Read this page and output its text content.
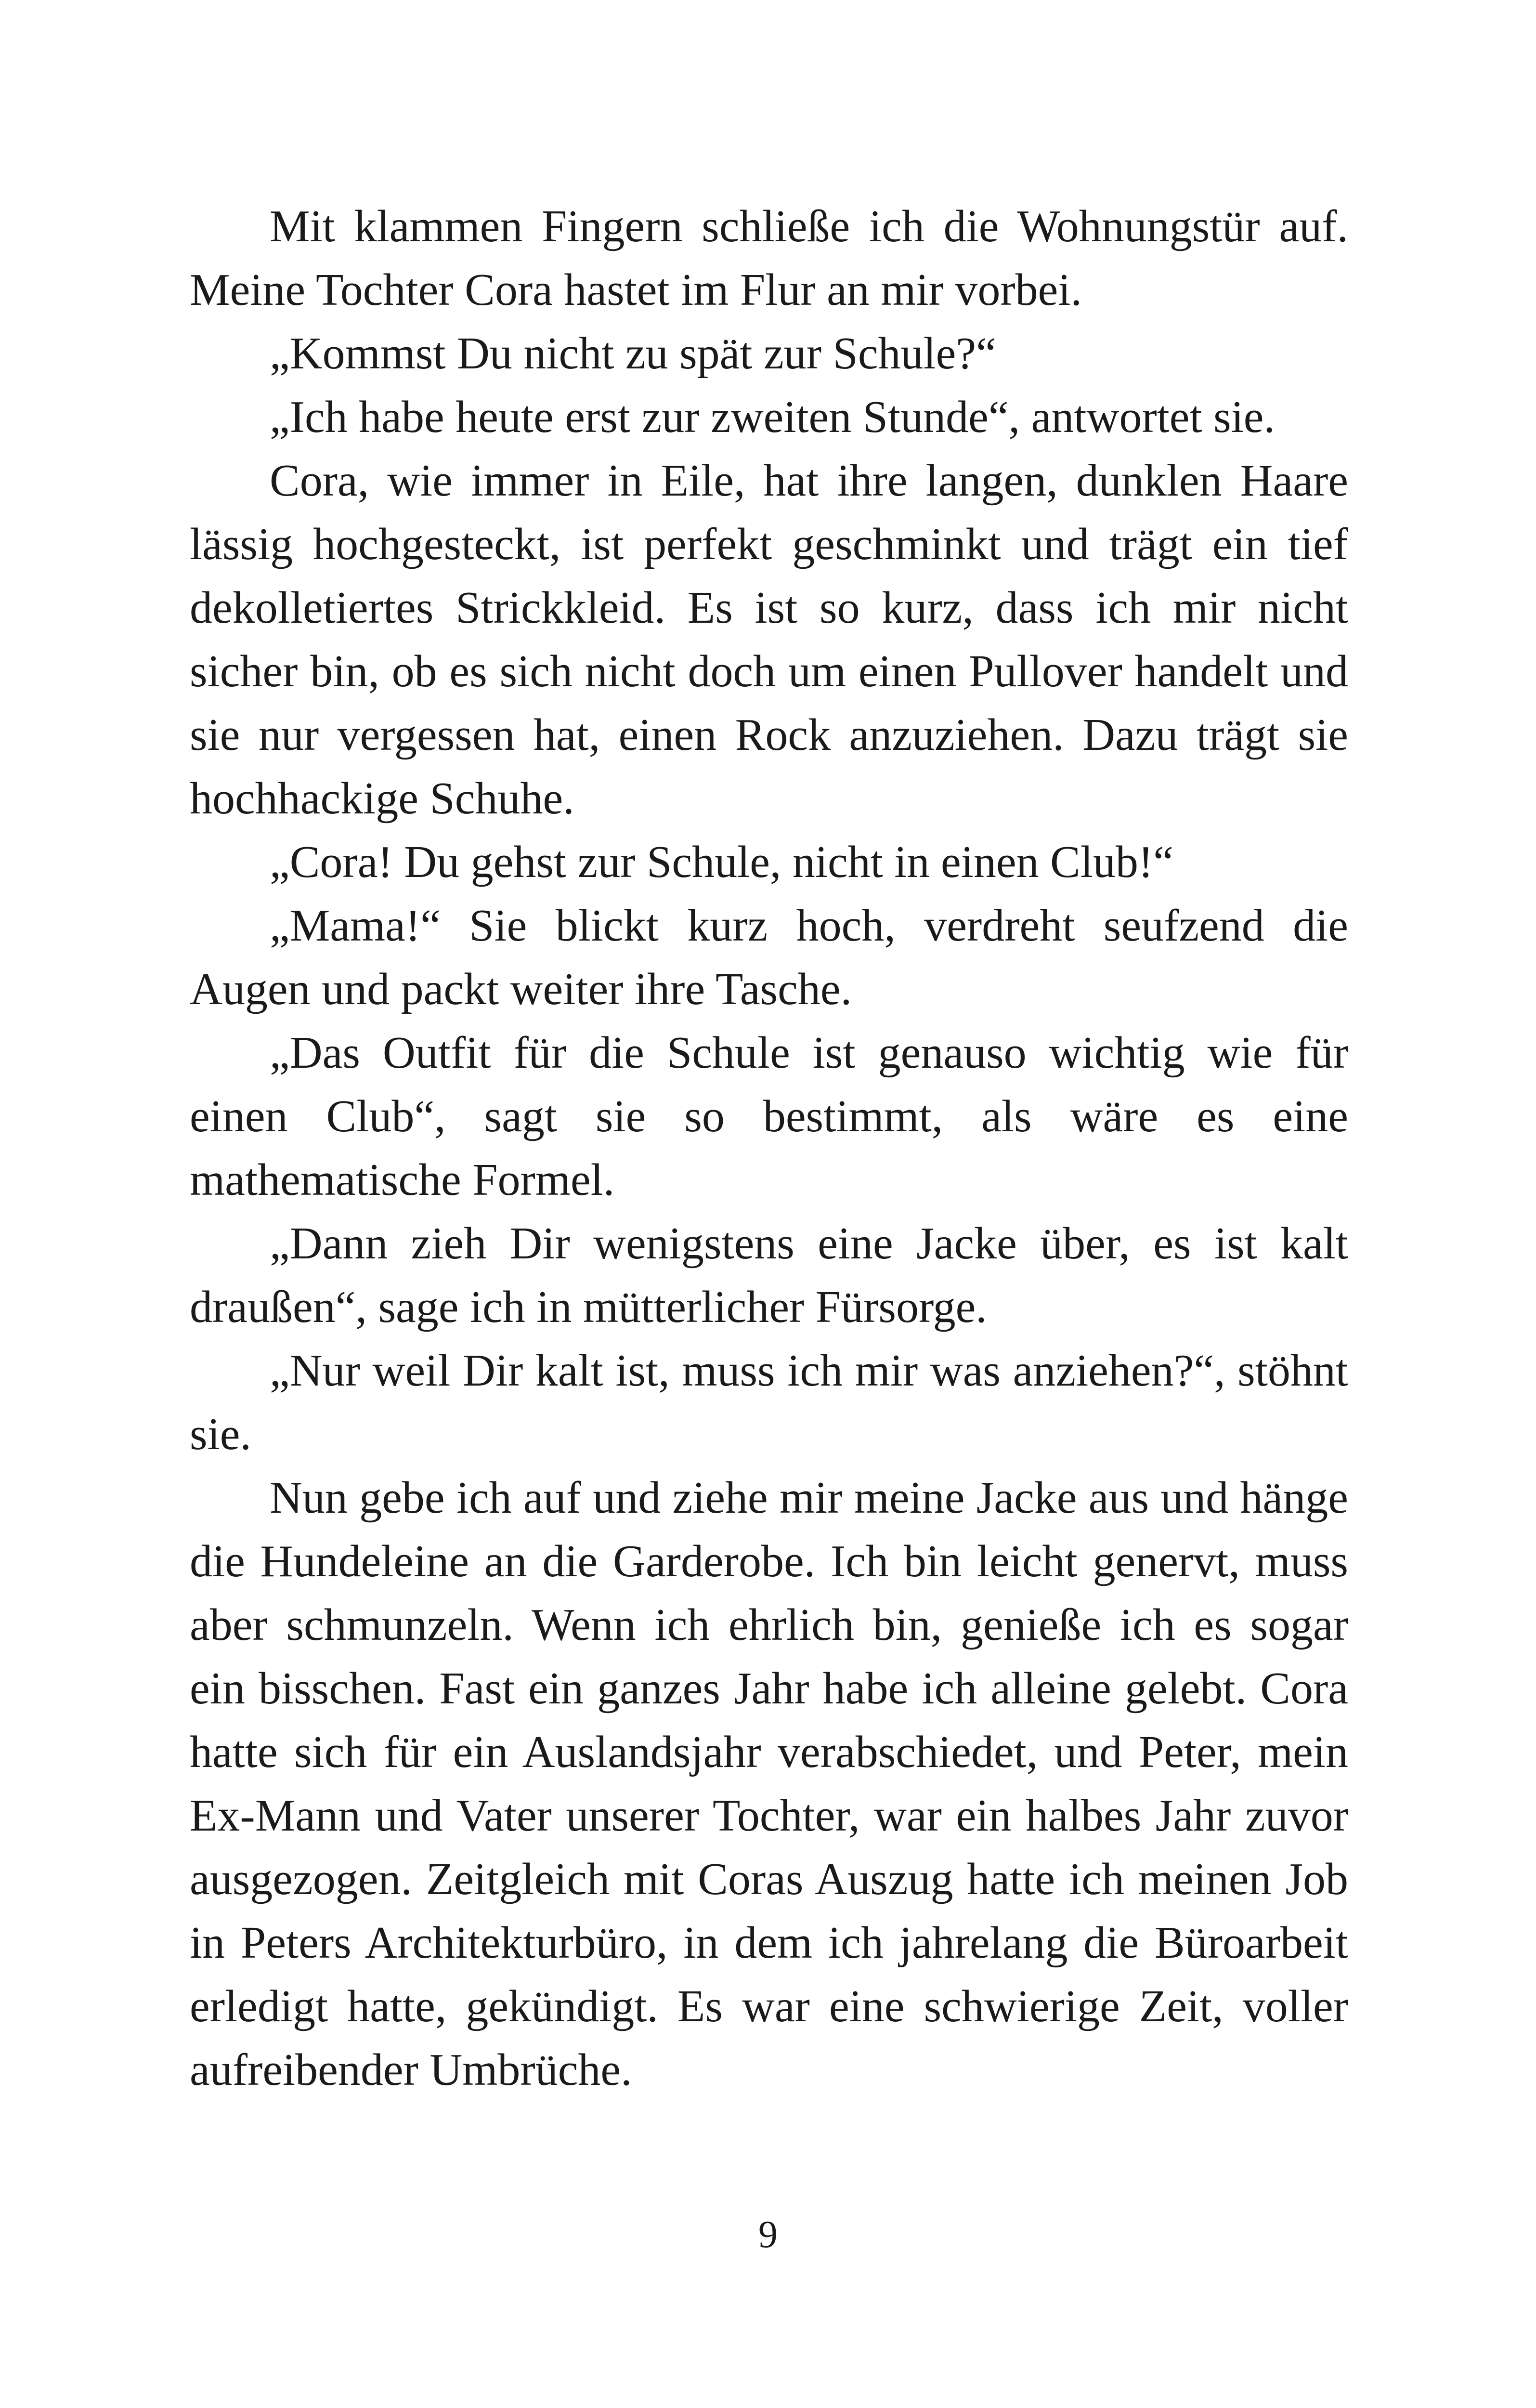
Mit klammen Fingern schließe ich die Wohnungstür auf. Meine Tochter Cora hastet im Flur an mir vorbei.

„Kommst Du nicht zu spät zur Schule?“

„Ich habe heute erst zur zweiten Stunde“, antwortet sie.

Cora, wie immer in Eile, hat ihre langen, dunklen Haare lässig hochgesteckt, ist perfekt geschminkt und trägt ein tief dekolletiertes Strickkleid. Es ist so kurz, dass ich mir nicht sicher bin, ob es sich nicht doch um einen Pullover handelt und sie nur vergessen hat, einen Rock anzuziehen. Dazu trägt sie hochhackige Schuhe.

„Cora! Du gehst zur Schule, nicht in einen Club!“

„Mama!“ Sie blickt kurz hoch, verdreht seufzend die Augen und packt weiter ihre Tasche.

„Das Outfit für die Schule ist genauso wichtig wie für einen Club“, sagt sie so bestimmt, als wäre es eine mathematische Formel.

„Dann zieh Dir wenigstens eine Jacke über, es ist kalt draußen“, sage ich in mütterlicher Fürsorge.

„Nur weil Dir kalt ist, muss ich mir was anziehen?“, stöhnt sie.

Nun gebe ich auf und ziehe mir meine Jacke aus und hänge die Hundeleine an die Garderobe. Ich bin leicht genervt, muss aber schmunzeln. Wenn ich ehrlich bin, genieße ich es sogar ein bisschen. Fast ein ganzes Jahr habe ich alleine gelebt. Cora hatte sich für ein Auslandsjahr verabschiedet, und Peter, mein Ex-Mann und Vater unserer Tochter, war ein halbes Jahr zuvor ausgezogen. Zeitgleich mit Coras Auszug hatte ich meinen Job in Peters Architekturbüro, in dem ich jahrelang die Büroarbeit erledigt hatte, gekündigt. Es war eine schwierige Zeit, voller aufreibender Umbrüche.

9
